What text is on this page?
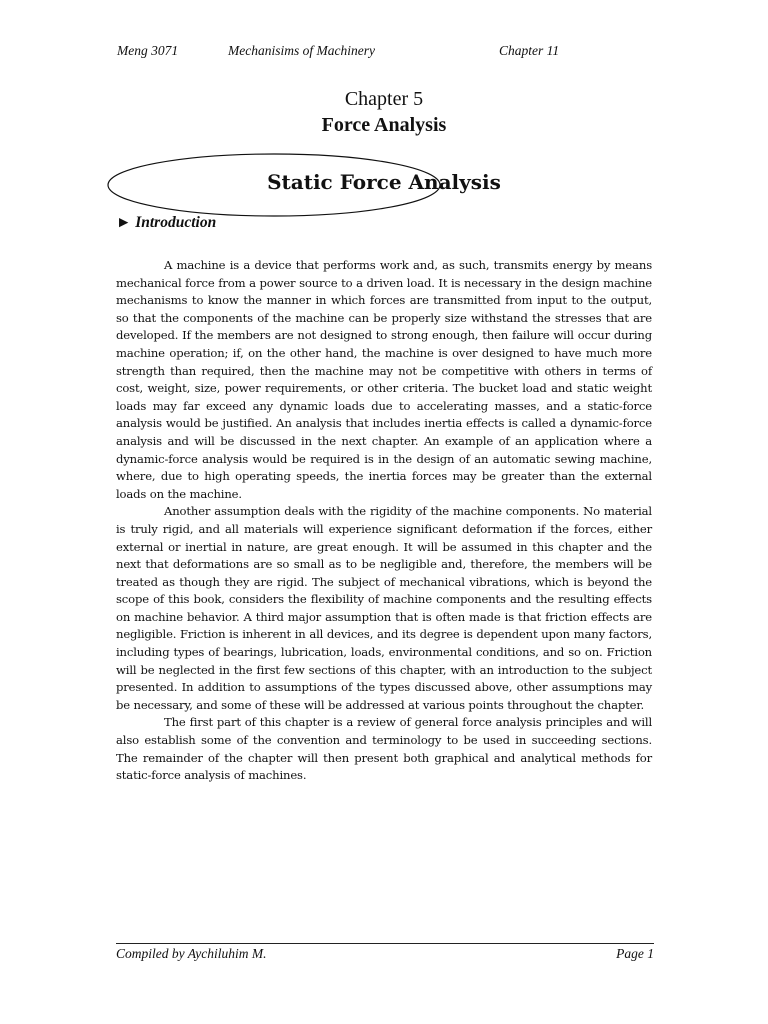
Meng 3071	Mechanisims of Machinery	Chapter 11
Chapter 5
Force Analysis
Static Force Analysis
► Introduction

A machine is a device that performs work and, as such, transmits energy by means mechanical force from a power source to a driven load. It is necessary in the design machine mechanisms to know the manner in which forces are transmitted from input to the output, so that the components of the machine can be properly size withstand the stresses that are developed. If the members are not designed to strong enough, then failure will occur during machine operation; if, on the other hand, the machine is over designed to have much more strength than required, then the machine may not be competitive with others in terms of cost, weight, size, power requirements, or other criteria. The bucket load and static weight loads may far exceed any dynamic loads due to accelerating masses, and a static-force analysis would be justified. An analysis that includes inertia effects is called a dynamic-force analysis and will be discussed in the next chapter. An example of an application where a dynamic-force analysis would be required is in the design of an automatic sewing machine, where, due to high operating speeds, the inertia forces may be greater than the external loads on the machine.

Another assumption deals with the rigidity of the machine components. No material is truly rigid, and all materials will experience significant deformation if the forces, either external or inertial in nature, are great enough. It will be assumed in this chapter and the next that deformations are so small as to be negligible and, therefore, the members will be treated as though they are rigid. The subject of mechanical vibrations, which is beyond the scope of this book, considers the flexibility of machine components and the resulting effects on machine behavior. A third major assumption that is often made is that friction effects are negligible. Friction is inherent in all devices, and its degree is dependent upon many factors, including types of bearings, lubrication, loads, environmental conditions, and so on. Friction will be neglected in the first few sections of this chapter, with an introduction to the subject presented. In addition to assumptions of the types discussed above, other assumptions may be necessary, and some of these will be addressed at various points throughout the chapter.

The first part of this chapter is a review of general force analysis principles and will also establish some of the convention and terminology to be used in succeeding sections. The remainder of the chapter will then present both graphical and analytical methods for static-force analysis of machines.

Compiled by Aychiluhim M.	Page 1
